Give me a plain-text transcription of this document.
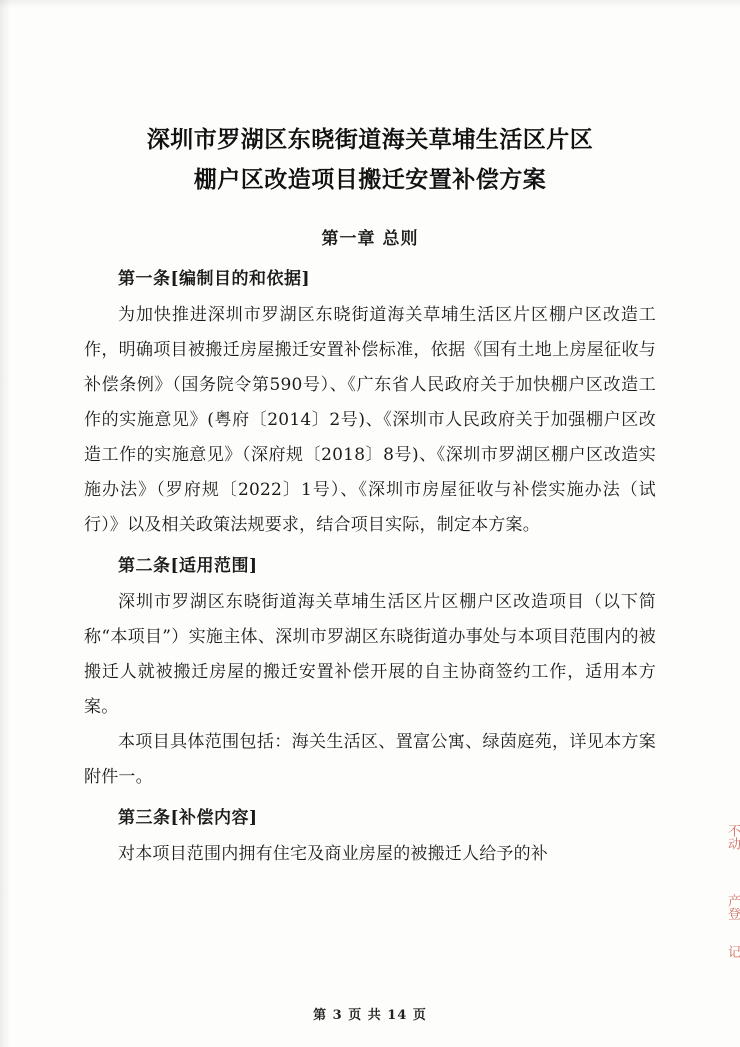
不动
产登
记
深圳市罗湖区东晓街道海关草埔生活区片区
棚户区改造项目搬迁安置补偿方案
第一章 总则
第一条[编制目的和依据]

为加快推进深圳市罗湖区东晓街道海关草埔生活区片区棚户区改造工作，明确项目被搬迁房屋搬迁安置补偿标准，依据《国有土地上房屋征收与补偿条例》（国务院令第590号）、《广东省人民政府关于加快棚户区改造工作的实施意见》(粤府〔2014〕2号)、《深圳市人民政府关于加强棚户区改造工作的实施意见》（深府规〔2018〕8号)、《深圳市罗湖区棚户区改造实施办法》（罗府规〔2022〕1号）、《深圳市房屋征收与补偿实施办法（试行）》以及相关政策法规要求，结合项目实际，制定本方案。

第二条[适用范围]

深圳市罗湖区东晓街道海关草埔生活区片区棚户区改造项目（以下简称“本项目”）实施主体、深圳市罗湖区东晓街道办事处与本项目范围内的被搬迁人就被搬迁房屋的搬迁安置补偿开展的自主协商签约工作，适用本方案。

本项目具体范围包括：海关生活区、置富公寓、绿茵庭苑，详见本方案附件一。

第三条[补偿内容]

对本项目范围内拥有住宅及商业房屋的被搬迁人给予的补

第 3 页 共 14 页
